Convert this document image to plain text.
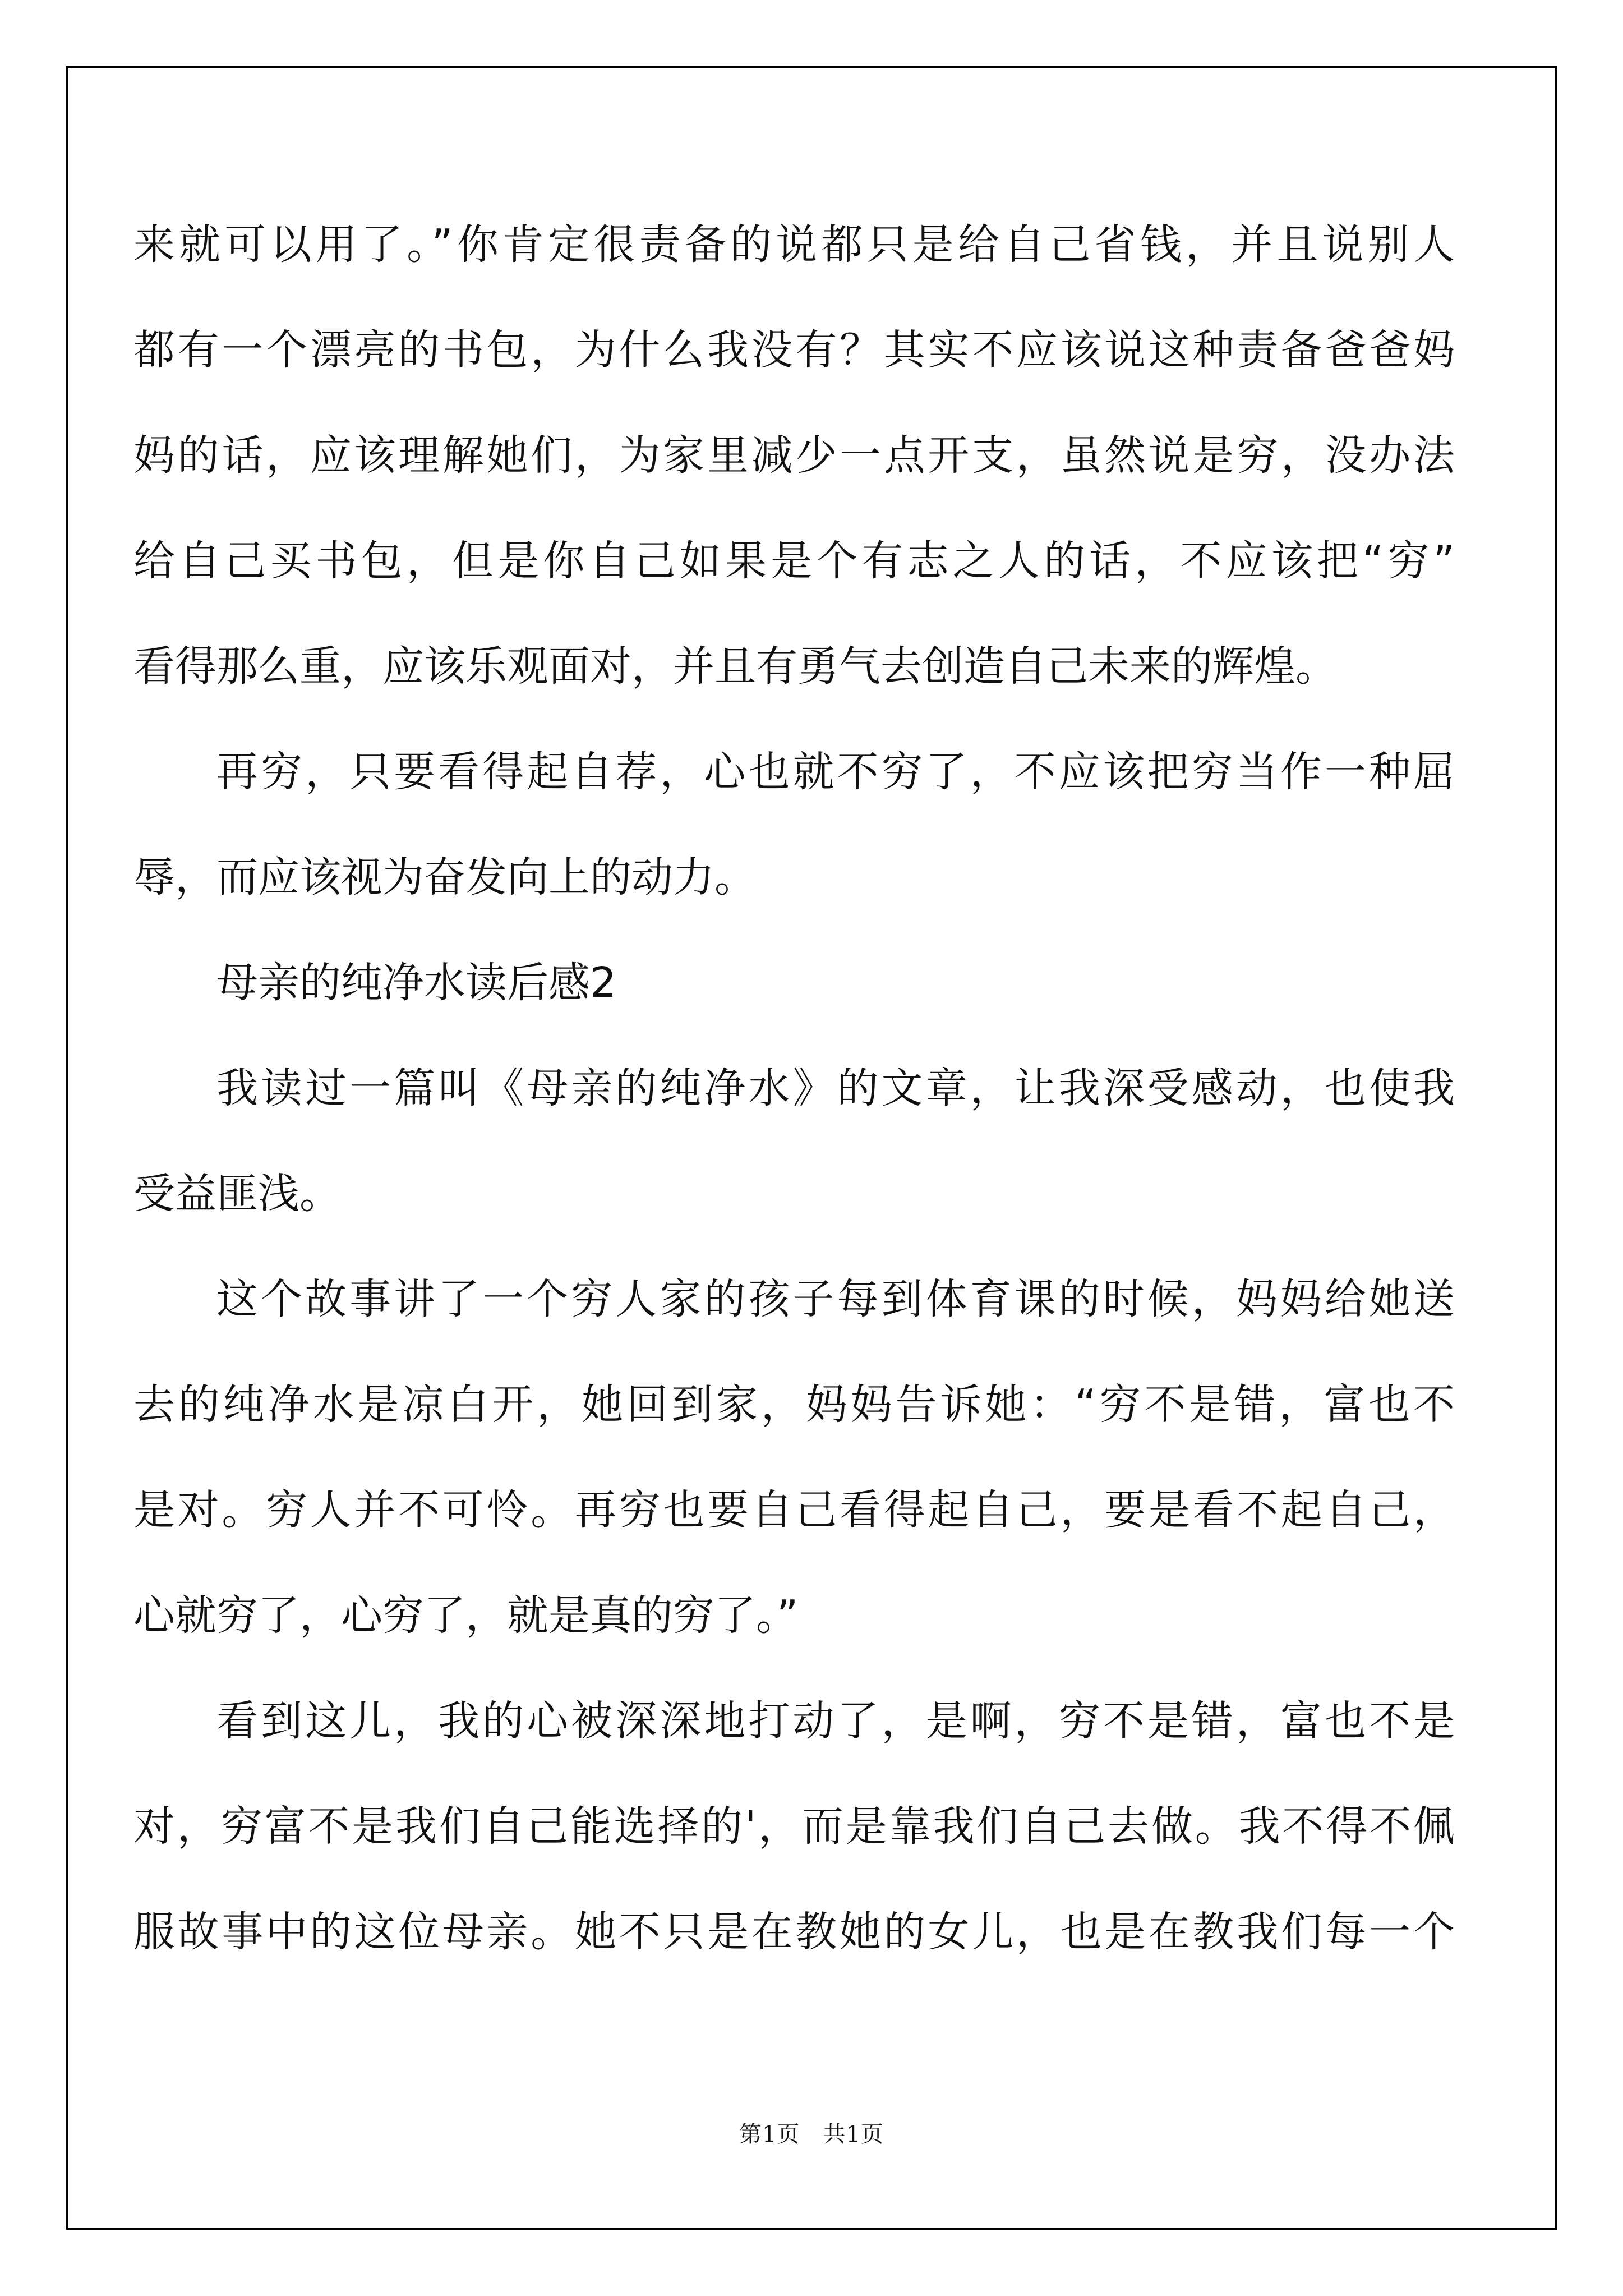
来就可以用了。”你肯定很责备的说都只是给自己省钱，并且说别人
都有一个漂亮的书包，为什么我没有？其实不应该说这种责备爸爸妈
妈的话，应该理解她们，为家里减少一点开支，虽然说是穷，没办法
给自己买书包，但是你自己如果是个有志之人的话，不应该把“穷”
看得那么重，应该乐观面对，并且有勇气去创造自己未来的辉煌。
再穷，只要看得起自荐，心也就不穷了，不应该把穷当作一种屈
辱，而应该视为奋发向上的动力。
母亲的纯净水读后感2
我读过一篇叫《母亲的纯净水》的文章，让我深受感动，也使我
受益匪浅。
这个故事讲了一个穷人家的孩子每到体育课的时候，妈妈给她送
去的纯净水是凉白开，她回到家，妈妈告诉她：“穷不是错，富也不
是对。穷人并不可怜。再穷也要自己看得起自己，要是看不起自己，
心就穷了，心穷了，就是真的穷了。”
看到这儿，我的心被深深地打动了，是啊，穷不是错，富也不是
对，穷富不是我们自己能选择的'，而是靠我们自己去做。我不得不佩
服故事中的这位母亲。她不只是在教她的女儿，也是在教我们每一个
第1页　共1页
